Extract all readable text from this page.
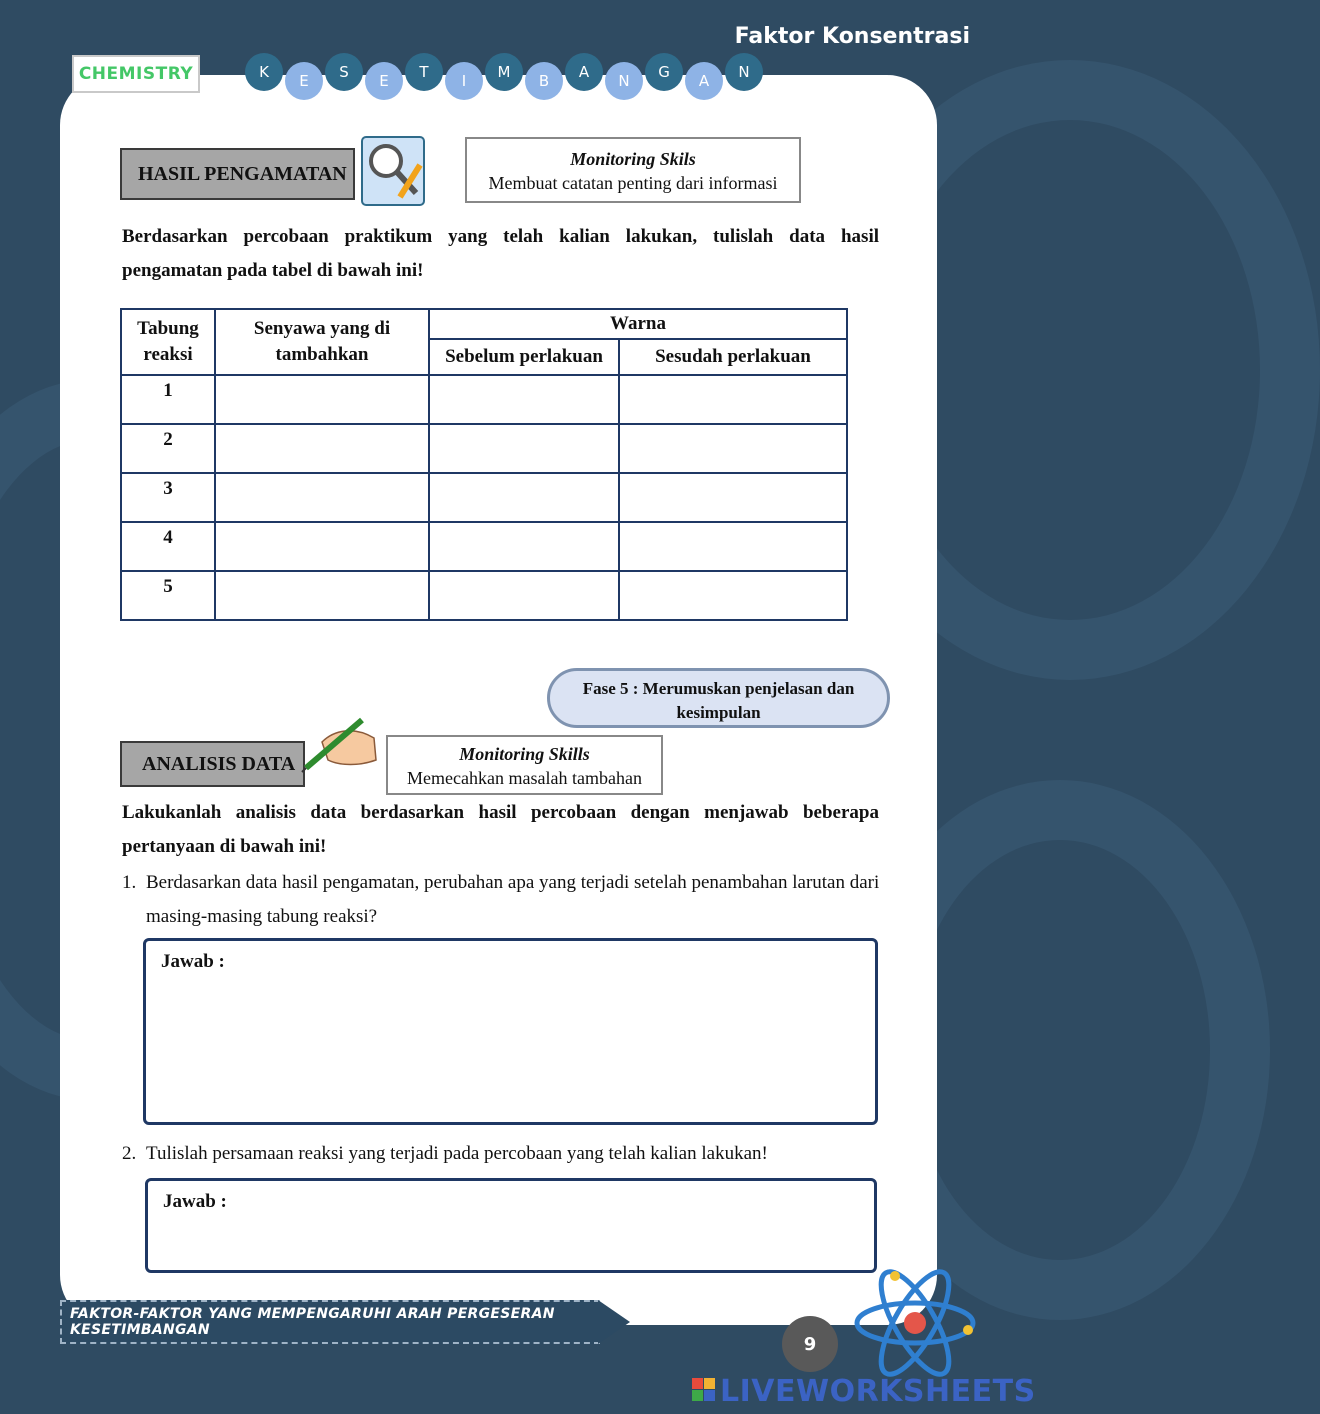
Faktor Konsentrasi
CHEMISTRY	K	E	S	E	T	I	M	B	A	N	G	A	N
HASIL PENGAMATAN
Monitoring Skils
Membuat catatan penting dari informasi
Berdasarkan percobaan praktikum yang telah kalian lakukan, tulislah data hasil pengamatan pada tabel di bawah ini!
Tabung reaksi	Senyawa yang di tambahkan	Warna	
		Sebelum perlakuan	Sesudah perlakuan
1			
2			
3			
4			
5			
Fase 5 : Merumuskan penjelasan dan kesimpulan
ANALISIS DATA	Monitoring Skills
Memecahkan masalah tambahan
Lakukanlah analisis data berdasarkan hasil percobaan dengan menjawab beberapa pertanyaan di bawah ini!
1. Berdasarkan data hasil pengamatan, perubahan apa yang terjadi setelah penambahan larutan dari masing-masing tabung reaksi?
Jawab :
2. Tulislah persamaan reaksi yang terjadi pada percobaan yang telah kalian lakukan!
Jawab :
FAKTOR-FAKTOR YANG MEMPENGARUHI ARAH PERGESERAN KESETIMBANGAN
9
LIVEWORKSHEETS
